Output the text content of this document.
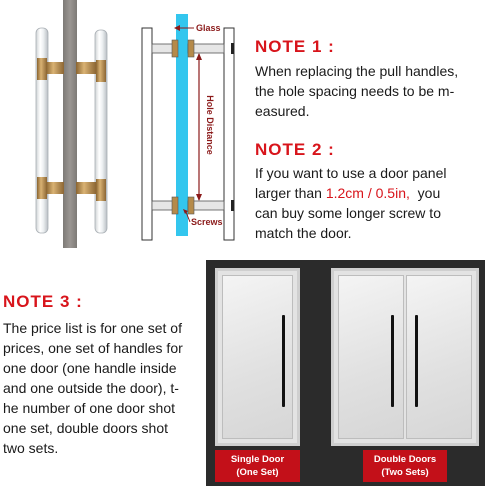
Glass
Hole Distance
Screws
NOTE 1 :
When replacing the pull handles,
the hole spacing needs to be m-
easured.
NOTE 2 :
If you want to use a door panel
larger than 1.2cm / 0.5in,  you
can buy some longer screw to
match the door.
NOTE 3 :
The price list is for one set of
prices, one set of handles for
one door (one handle inside
and one outside the door), t-
he number of one door shot
one set, double doors shot
two sets.
Single Door
(One Set)
Double Doors
(Two Sets)
